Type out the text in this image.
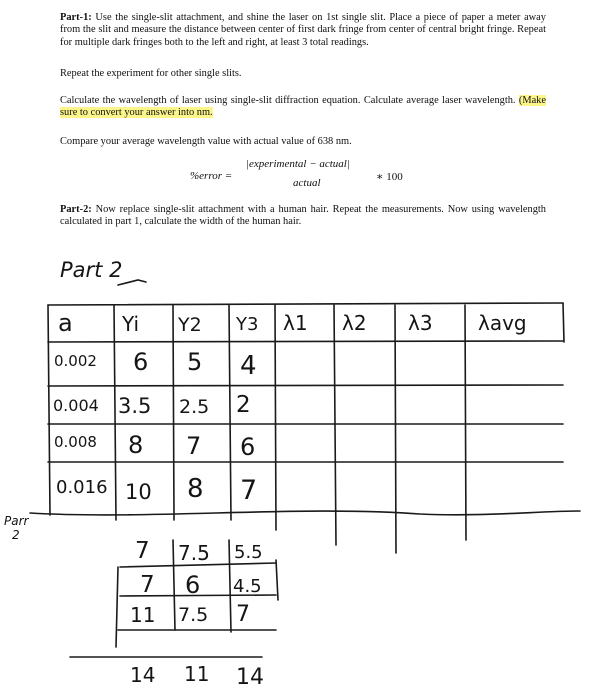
Part-1: Use the single-slit attachment, and shine the laser on 1st single slit. Place a piece of paper a meter away from the slit and measure the distance between center of first dark fringe from center of central bright fringe. Repeat for multiple dark fringes both to the left and right, at least 3 total readings.
Repeat the experiment for other single slits.
Calculate the wavelength of laser using single-slit diffraction equation. Calculate average laser wavelength. (Make sure to convert your answer into nm.
Compare your average wavelength value with actual value of 638 nm.
%error =
|experimental − actual|
actual	∗ 100
Part-2: Now replace single-slit attachment with a human hair. Repeat the measurements. Now using wavelength calculated in part 1, calculate the width of the human hair.
Part 2
Parr
2
a Yi Y2 Y3 λ1 λ2 λ3 λavg
0.002 6 5 4
0.004 3.5 2.5 2
0.008 8 7 6
0.016 10 8 7
7 7.5 5.5
7 6 4.5
11 7.5 7
14 11 14
